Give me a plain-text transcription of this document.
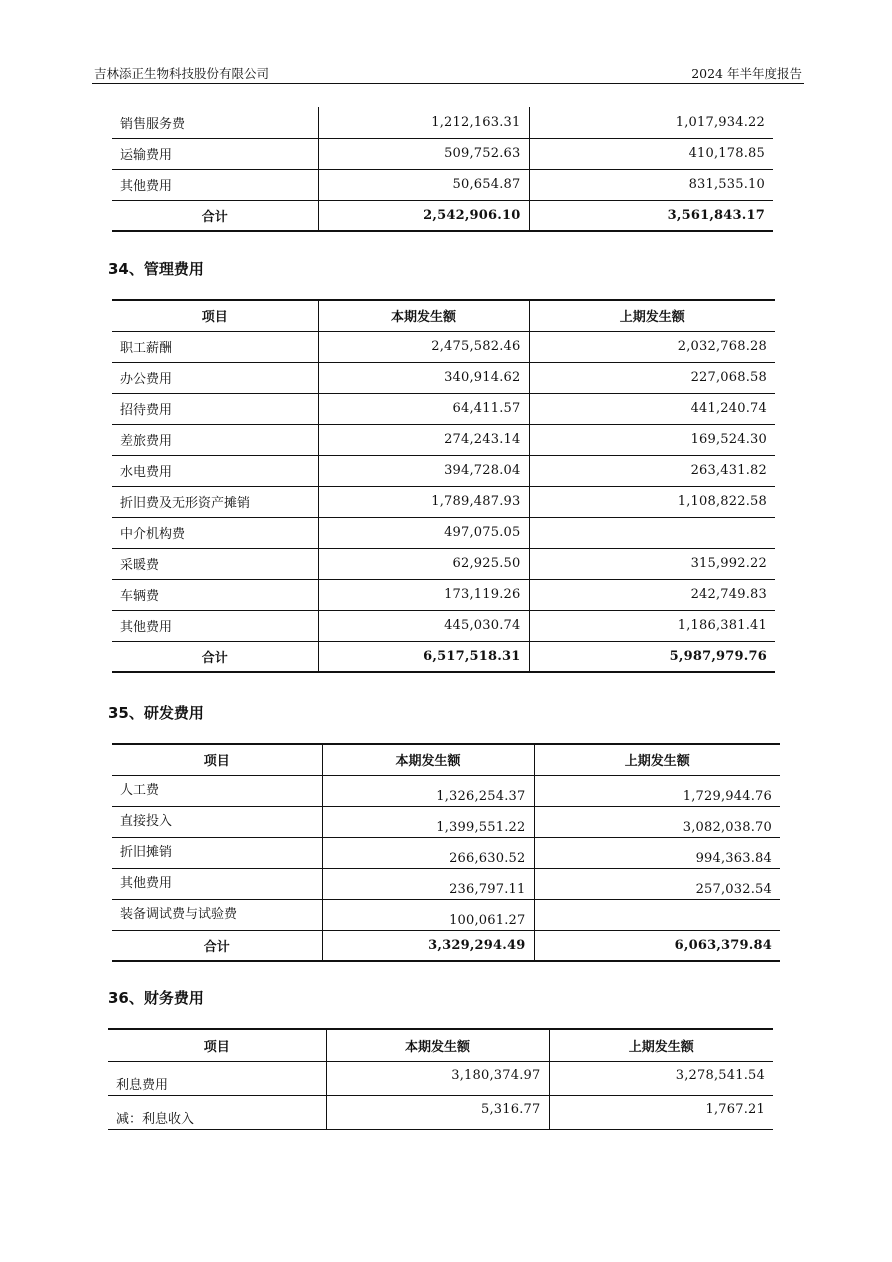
吉林添正生物科技股份有限公司	2024 年半年度报告
销售服务费	1,212,163.31	1,017,934.22
运输费用	509,752.63	410,178.85
其他费用	50,654.87	831,535.10
合计	2,542,906.10	3,561,843.17
34、管理费用
项目	本期发生额	上期发生额
职工薪酬	2,475,582.46	2,032,768.28
办公费用	340,914.62	227,068.58
招待费用	64,411.57	441,240.74
差旅费用	274,243.14	169,524.30
水电费用	394,728.04	263,431.82
折旧费及无形资产摊销	1,789,487.93	1,108,822.58
中介机构费	497,075.05	
采暖费	62,925.50	315,992.22
车辆费	173,119.26	242,749.83
其他费用	445,030.74	1,186,381.41
合计	6,517,518.31	5,987,979.76
35、研发费用
项目	本期发生额	上期发生额
人工费	1,326,254.37	1,729,944.76
直接投入	1,399,551.22	3,082,038.70
折旧摊销	266,630.52	994,363.84
其他费用	236,797.11	257,032.54
装备调试费与试验费	100,061.27	
合计	3,329,294.49	6,063,379.84
36、财务费用
项目	本期发生额	上期发生额
利息费用	3,180,374.97	3,278,541.54
减：利息收入	5,316.77	1,767.21
